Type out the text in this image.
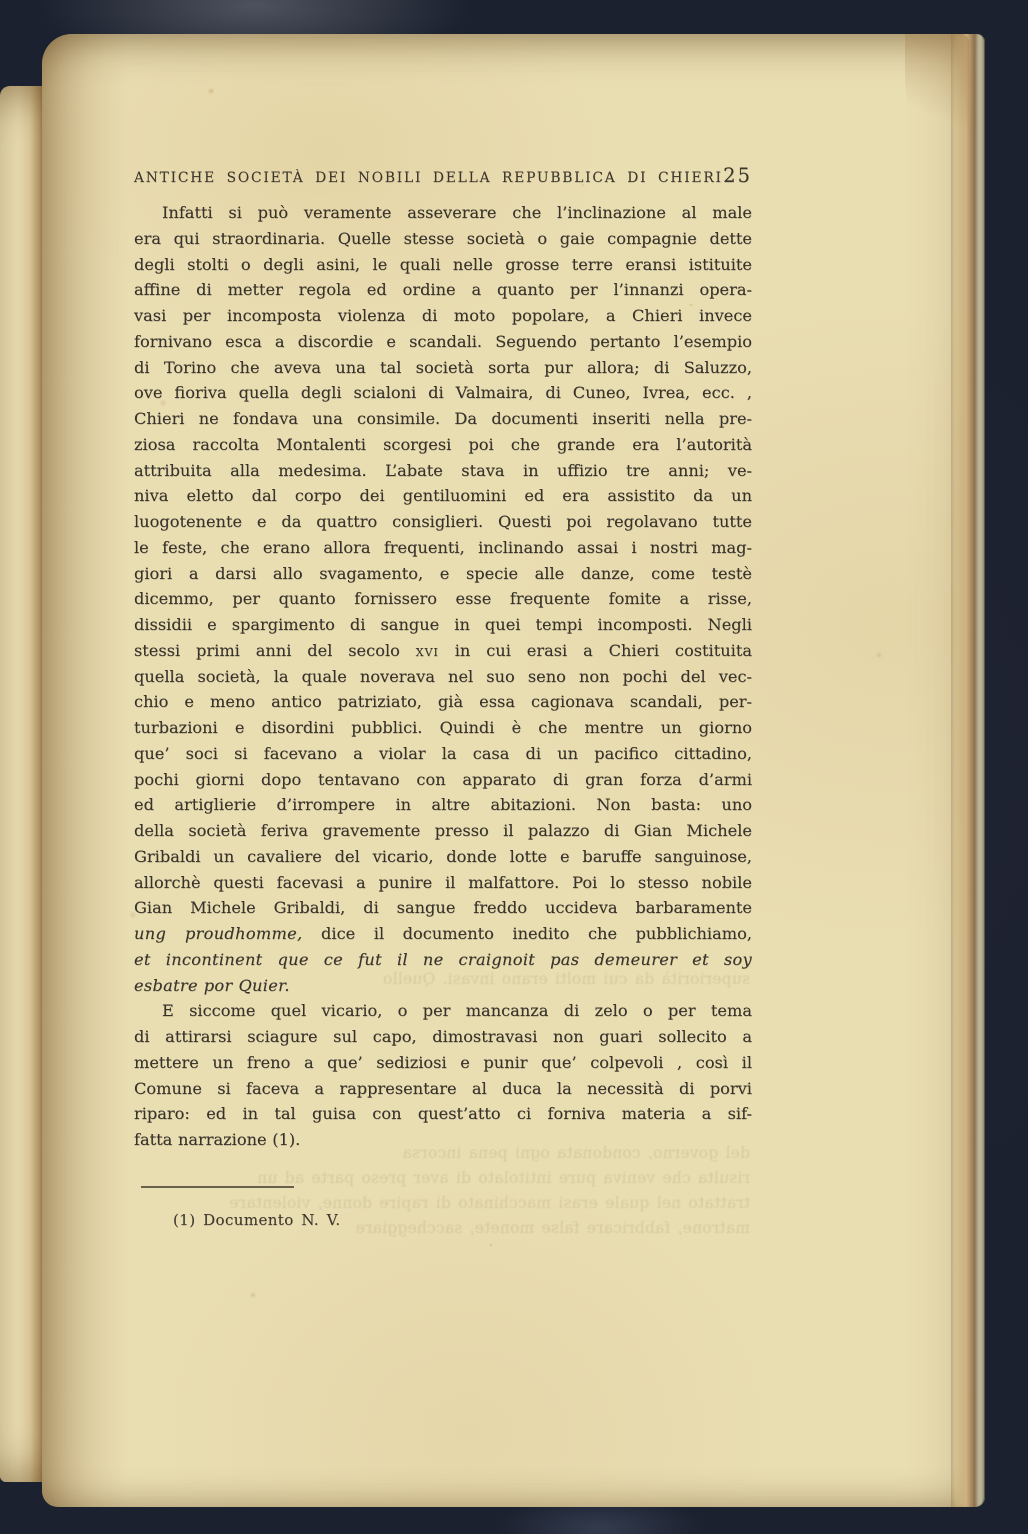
superiorità da cui molti erano invasi. Quello
del governo, condonata ogni pena incorsa
risulta che veniva pure intitolato di aver preso parte ad un
trattato nel quale erasi macchinato di rapire donne, violentare
matrone, fabbricare false monete, saccheggiare
ANTICHE SOCIETÀ DEI NOBILI DELLA REPUBBLICA DI CHIERI 25
Infatti si può veramente asseverare che l’inclinazione al male
era qui straordinaria. Quelle stesse società o gaie compagnie dette
degli stolti o degli asini, le quali nelle grosse terre eransi istituite
affine di metter regola ed ordine a quanto per l’innanzi opera-
vasi per incomposta violenza di moto popolare, a Chieri invece
fornivano esca a discordie e scandali. Seguendo pertanto l’esempio
di Torino che aveva una tal società sorta pur allora; di Saluzzo,
ove fioriva quella degli scialoni di Valmaira, di Cuneo, Ivrea, ecc. ,
Chieri ne fondava una consimile. Da documenti inseriti nella pre-
ziosa raccolta Montalenti scorgesi poi che grande era l’autorità
attribuita alla medesima. L’abate stava in uffizio tre anni; ve-
niva eletto dal corpo dei gentiluomini ed era assistito da un
luogotenente e da quattro consiglieri. Questi poi regolavano tutte
le feste, che erano allora frequenti, inclinando assai i nostri mag-
giori a darsi allo svagamento, e specie alle danze, come testè
dicemmo, per quanto fornissero esse frequente fomite a risse,
dissidii e spargimento di sangue in quei tempi incomposti. Negli
stessi primi anni del secolo XVI in cui erasi a Chieri costituita
quella società, la quale noverava nel suo seno non pochi del vec-
chio e meno antico patriziato, già essa cagionava scandali, per-
turbazioni e disordini pubblici. Quindi è che mentre un giorno
que’ soci si facevano a violar la casa di un pacifico cittadino,
pochi giorni dopo tentavano con apparato di gran forza d’armi
ed artiglierie d’irrompere in altre abitazioni. Non basta: uno
della società feriva gravemente presso il palazzo di Gian Michele
Gribaldi un cavaliere del vicario, donde lotte e baruffe sanguinose,
allorchè questi facevasi a punire il malfattore. Poi lo stesso nobile
Gian Michele Gribaldi, di sangue freddo uccideva barbaramente
ung proudhomme, dice il documento inedito che pubblichiamo,
et incontinent que ce fut il ne craignoit pas demeurer et soy
esbatre por Quier.
E siccome quel vicario, o per mancanza di zelo o per tema
di attirarsi sciagure sul capo, dimostravasi non guari sollecito a
mettere un freno a que’ sediziosi e punir que’ colpevoli , così il
Comune si faceva a rappresentare al duca la necessità di porvi
riparo: ed in tal guisa con quest’atto ci forniva materia a sif-
fatta narrazione (1).
(1) Documento N. V.
